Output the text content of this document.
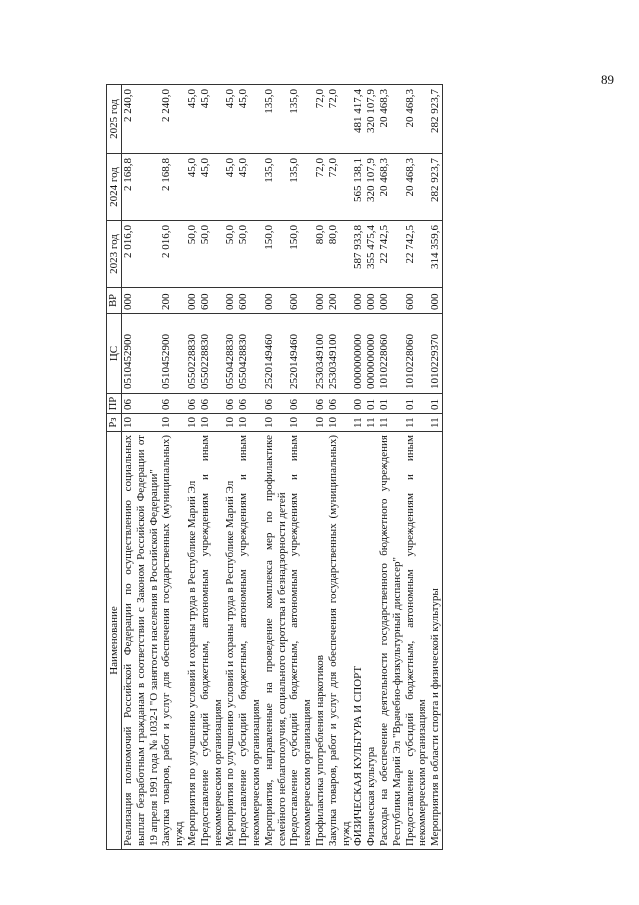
89
Наименование	Рз	ПР	ЦС	ВР	2023 год	2024 год	2025 год
Реализация полномочий Российской Федерации по осуществлению социальных выплат безработным гражданам в соответствии с Законом Российской Федерации от 19 апреля 1991 года № 1032-I "О занятости населения в Российской Федерации"	10	06	0510452900	000	2 016,0	2 168,8	2 240,0
Закупка товаров, работ и услуг для обеспечения государственных (муниципальных) нужд	10	06	0510452900	200	2 016,0	2 168,8	2 240,0
Мероприятия по улучшению условий и охраны труда в Республике Марий Эл	10	06	0550228830	000	50,0	45,0	45,0
Предоставление субсидий бюджетным, автономным учреждениям и иным некоммерческим организациям	10	06	0550228830	600	50,0	45,0	45,0
Мероприятия по улучшению условий и охраны труда в Республике Марий Эл	10	06	0550428830	000	50,0	45,0	45,0
Предоставление субсидий бюджетным, автономным учреждениям и иным некоммерческим организациям	10	06	0550428830	600	50,0	45,0	45,0
Мероприятия, направленные на проведение комплекса мер по профилактике семейного неблагополучия, социального сиротства и безнадзорности детей	10	06	2520149460	000	150,0	135,0	135,0
Предоставление субсидий бюджетным, автономным учреждениям и иным некоммерческим организациям	10	06	2520149460	600	150,0	135,0	135,0
Профилактика употребления наркотиков	10	06	2530349100	000	80,0	72,0	72,0
Закупка товаров, работ и услуг для обеспечения государственных (муниципальных) нужд	10	06	2530349100	200	80,0	72,0	72,0
ФИЗИЧЕСКАЯ КУЛЬТУРА И СПОРТ	11	00	0000000000	000	587 933,8	565 138,1	481 417,4
Физическая культура	11	01	0000000000	000	355 475,4	320 107,9	320 107,9
Расходы на обеспечение деятельности государственного бюджетного учреждения Республики Марий Эл "Врачебно-физкультурный диспансер"	11	01	1010228060	000	22 742,5	20 468,3	20 468,3
Предоставление субсидий бюджетным, автономным учреждениям и иным некоммерческим организациям	11	01	1010228060	600	22 742,5	20 468,3	20 468,3
Мероприятия в области спорта и физической культуры	11	01	1010229370	000	314 359,6	282 923,7	282 923,7
